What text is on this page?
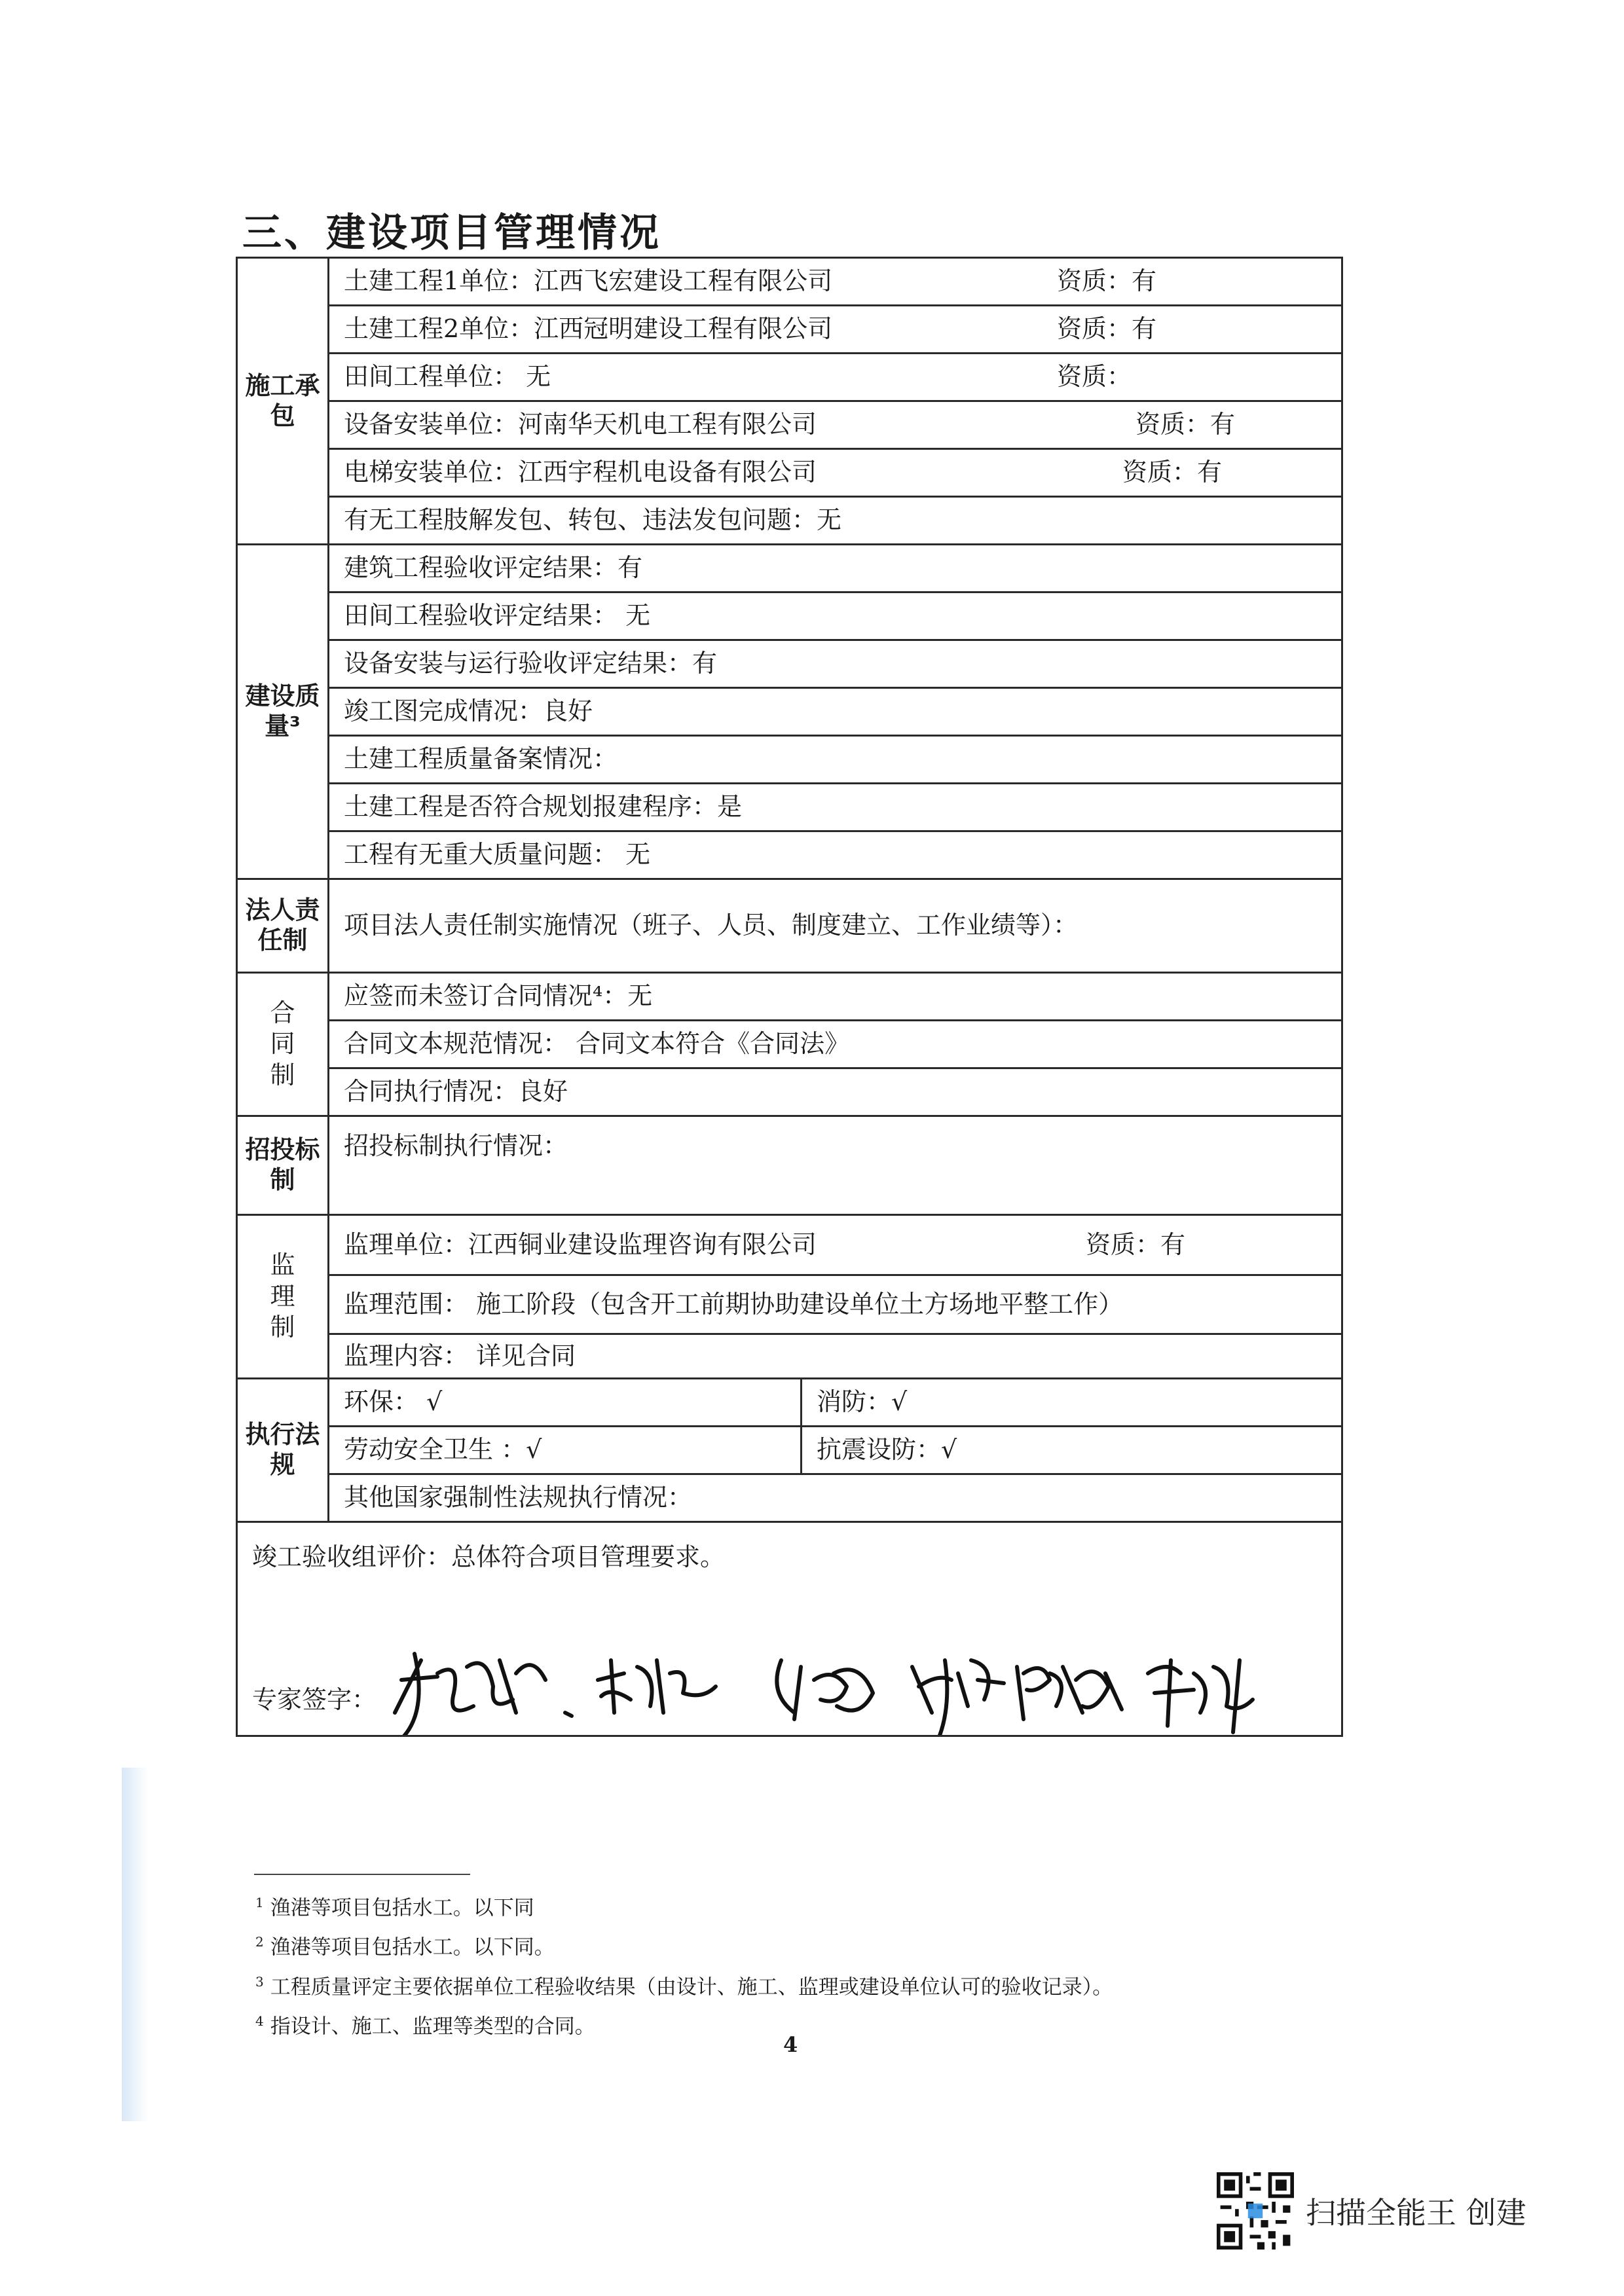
三、建设项目管理情况
施工承包	土建工程1单位：江西飞宏建设工程有限公司 资质：有	

	土建工程2单位：江西冠明建设工程有限公司 资质：有	

	田间工程单位： 无 资质：	

	设备安装单位：河南华天机电工程有限公司 资质：有	

	电梯安装单位：江西宇程机电设备有限公司 资质：有	

	有无工程肢解发包、转包、违法发包问题：无	
建设质量³	建筑工程验收评定结果：有	
	田间工程验收评定结果： 无	
	设备安装与运行验收评定结果：有	
	竣工图完成情况：良好	
	土建工程质量备案情况：	
	土建工程是否符合规划报建程序：是	
	工程有无重大质量问题： 无	
法人责任制	项目法人责任制实施情况（班子、人员、制度建立、工作业绩等）：	
合同制	应签而未签订合同情况⁴：无	
	合同文本规范情况： 合同文本符合《合同法》	
	合同执行情况：良好	
招投标制	招投标制执行情况：	
监理制	监理单位：江西铜业建设监理咨询有限公司 资质：有	

	监理范围： 施工阶段（包含开工前期协助建设单位土方场地平整工作）	
	监理内容： 详见合同	
执行法规	环保： √	消防：√
	劳动安全卫生 ：√	抗震设防：√
	其他国家强制性法规执行情况：	

竣工验收组评价：总体符合项目管理要求。
专家签字：		
$^1$ 渔港等项目包括水工。以下同
$^2$ 渔港等项目包括水工。以下同。
$^3$ 工程质量评定主要依据单位工程验收结果（由设计、施工、监理或建设单位认可的验收记录）。
$^4$ 指设计、施工、监理等类型的合同。
4
扫描全能王 创建
